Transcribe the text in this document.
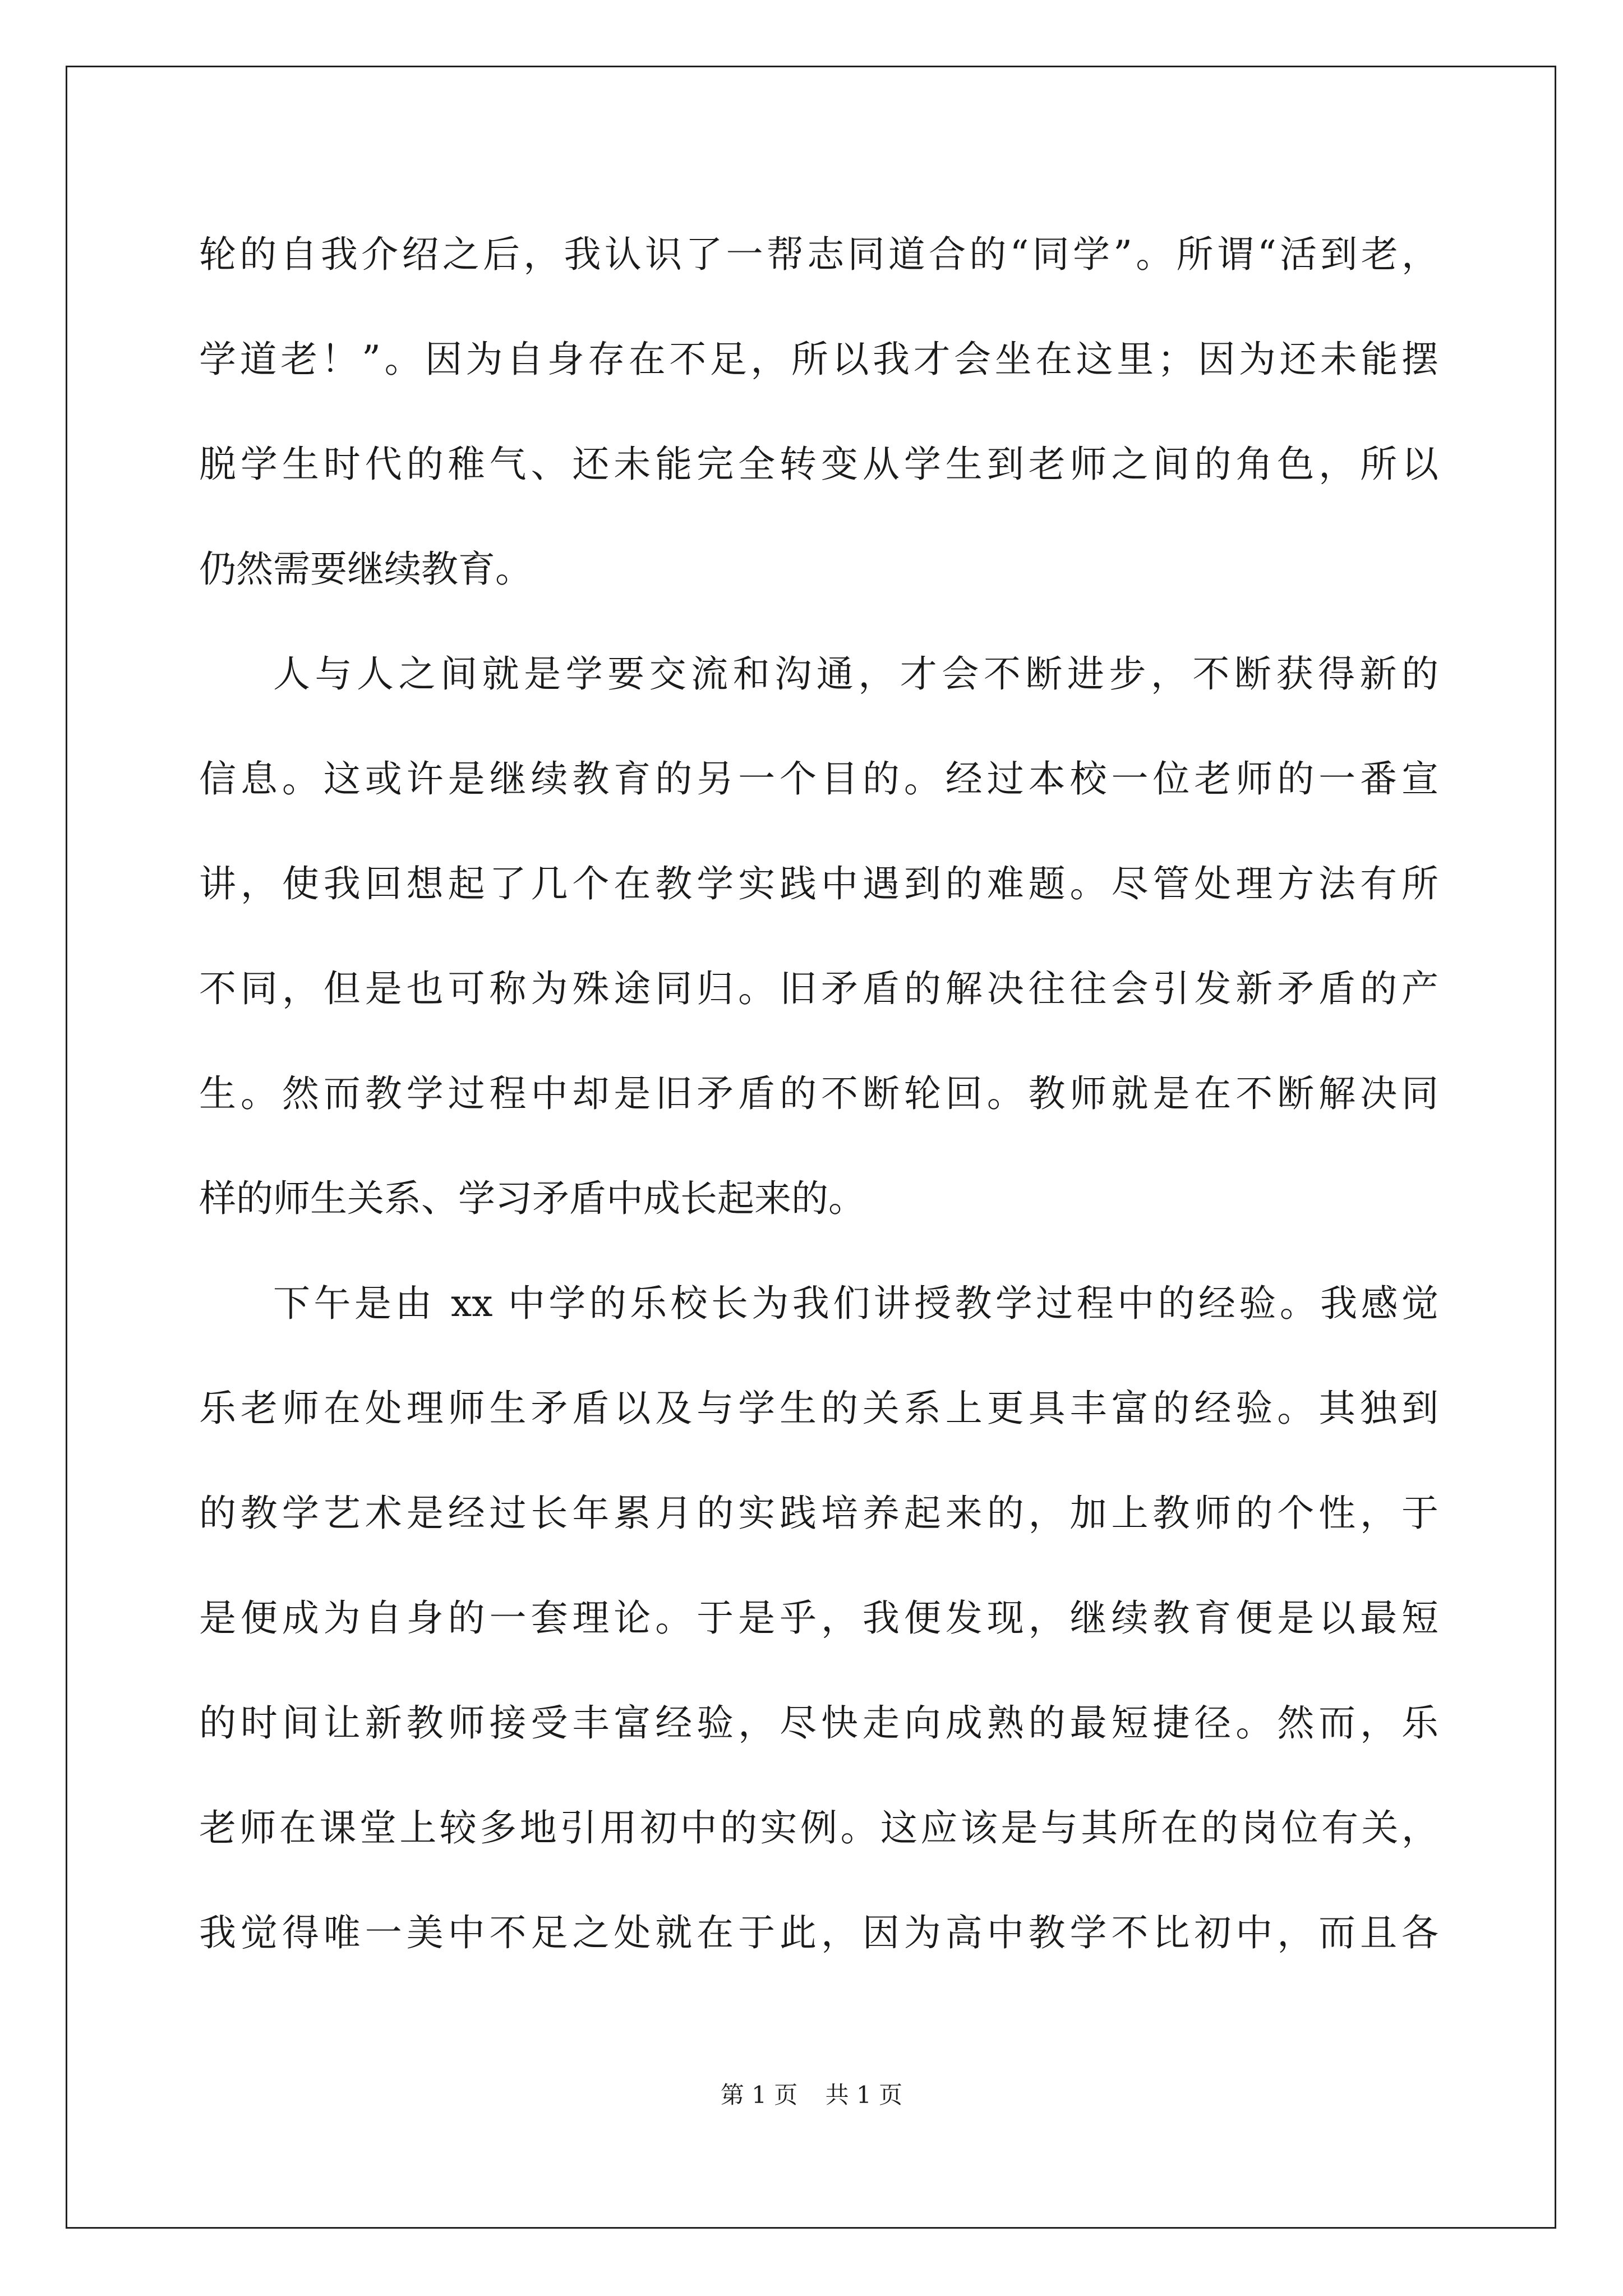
轮的自我介绍之后，我认识了一帮志同道合的“同学”。所谓“活到老，
学道老！”。因为自身存在不足，所以我才会坐在这里；因为还未能摆
脱学生时代的稚气、还未能完全转变从学生到老师之间的角色，所以
仍然需要继续教育。
人与人之间就是学要交流和沟通，才会不断进步，不断获得新的
信息。这或许是继续教育的另一个目的。经过本校一位老师的一番宣
讲，使我回想起了几个在教学实践中遇到的难题。尽管处理方法有所
不同，但是也可称为殊途同归。旧矛盾的解决往往会引发新矛盾的产
生。然而教学过程中却是旧矛盾的不断轮回。教师就是在不断解决同
样的师生关系、学习矛盾中成长起来的。
下午是由 xx 中学的乐校长为我们讲授教学过程中的经验。我感觉
乐老师在处理师生矛盾以及与学生的关系上更具丰富的经验。其独到
的教学艺术是经过长年累月的实践培养起来的，加上教师的个性，于
是便成为自身的一套理论。于是乎，我便发现，继续教育便是以最短
的时间让新教师接受丰富经验，尽快走向成熟的最短捷径。然而，乐
老师在课堂上较多地引用初中的实例。这应该是与其所在的岗位有关，
我觉得唯一美中不足之处就在于此，因为高中教学不比初中，而且各
第 1 页 共 1 页
